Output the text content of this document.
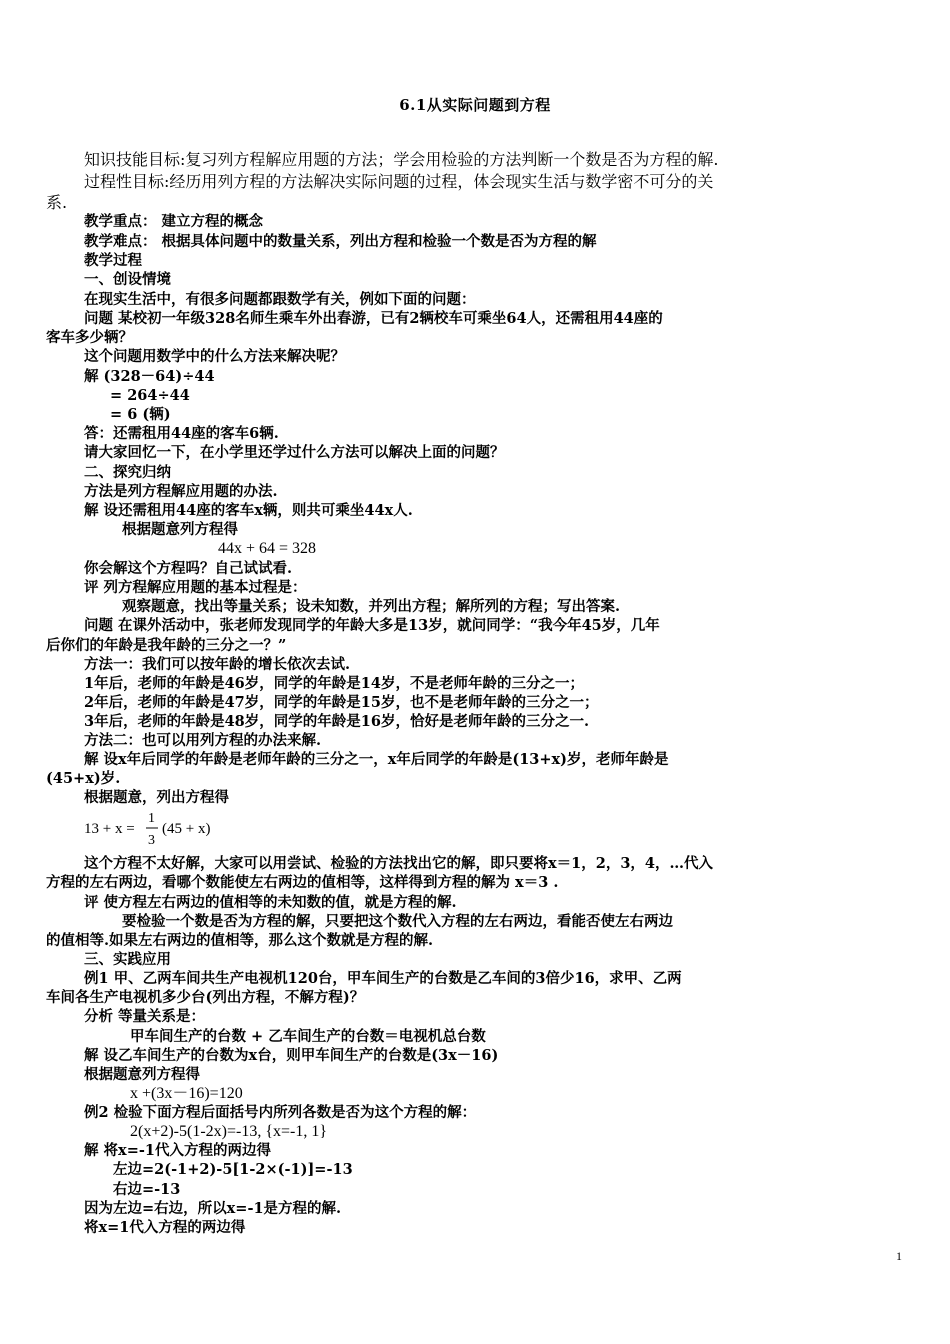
6.1从实际问题到方程
知识技能目标:复习列方程解应用题的方法；学会用检验的方法判断一个数是否为方程的解.
过程性目标:经历用列方程的方法解决实际问题的过程，体会现实生活与数学密不可分的关
系.
教学重点： 建立方程的概念
教学难点： 根据具体问题中的数量关系，列出方程和检验一个数是否为方程的解
教学过程
一、创设情境
在现实生活中，有很多问题都跟数学有关，例如下面的问题：
问题 某校初一年级328名师生乘车外出春游，已有2辆校车可乘坐64人，还需租用44座的
客车多少辆？
这个问题用数学中的什么方法来解决呢？
解 (328－64)÷44
= 264÷44
= 6 (辆)
答：还需租用44座的客车6辆.
请大家回忆一下，在小学里还学过什么方法可以解决上面的问题？
二、探究归纳
方法是列方程解应用题的办法.
解 设还需租用44座的客车x辆，则共可乘坐44x人.
根据题意列方程得
44x + 64 = 328
你会解这个方程吗？自己试试看.
评 列方程解应用题的基本过程是：
观察题意，找出等量关系；设未知数，并列出方程；解所列的方程；写出答案.
问题 在课外活动中，张老师发现同学的年龄大多是13岁，就问同学：“我今年45岁，几年
后你们的年龄是我年龄的三分之一？”
方法一：我们可以按年龄的增长依次去试.
1年后，老师的年龄是46岁，同学的年龄是14岁，不是老师年龄的三分之一；
2年后，老师的年龄是47岁，同学的年龄是15岁，也不是老师年龄的三分之一；
3年后，老师的年龄是48岁，同学的年龄是16岁，恰好是老师年龄的三分之一.
方法二：也可以用列方程的办法来解.
解 设x年后同学的年龄是老师年龄的三分之一，x年后同学的年龄是(13+x)岁，老师年龄是
(45+x)岁.
根据题意，列出方程得
这个方程不太好解，大家可以用尝试、检验的方法找出它的解，即只要将x＝1，2，3，4，…代入
方程的左右两边，看哪个数能使左右两边的值相等，这样得到方程的解为 x＝3 .
评 使方程左右两边的值相等的未知数的值，就是方程的解.
要检验一个数是否为方程的解，只要把这个数代入方程的左右两边，看能否使左右两边
的值相等.如果左右两边的值相等，那么这个数就是方程的解.
三、实践应用
例1 甲、乙两车间共生产电视机120台，甲车间生产的台数是乙车间的3倍少16，求甲、乙两
车间各生产电视机多少台(列出方程，不解方程)？
分析 等量关系是：
甲车间生产的台数 + 乙车间生产的台数＝电视机总台数
解 设乙车间生产的台数为x台，则甲车间生产的台数是(3x－16)
根据题意列方程得
x +(3x－16)=120
例2 检验下面方程后面括号内所列各数是否为这个方程的解：
2(x+2)-5(1-2x)=-13, {x=-1, 1}
解 将x=-1代入方程的两边得
左边=2(-1+2)-5[1-2×(-1)]=-13
右边=-13
因为左边=右边，所以x=-1是方程的解.
将x=1代入方程的两边得
13 + x =
1
3
(45 + x)
1
